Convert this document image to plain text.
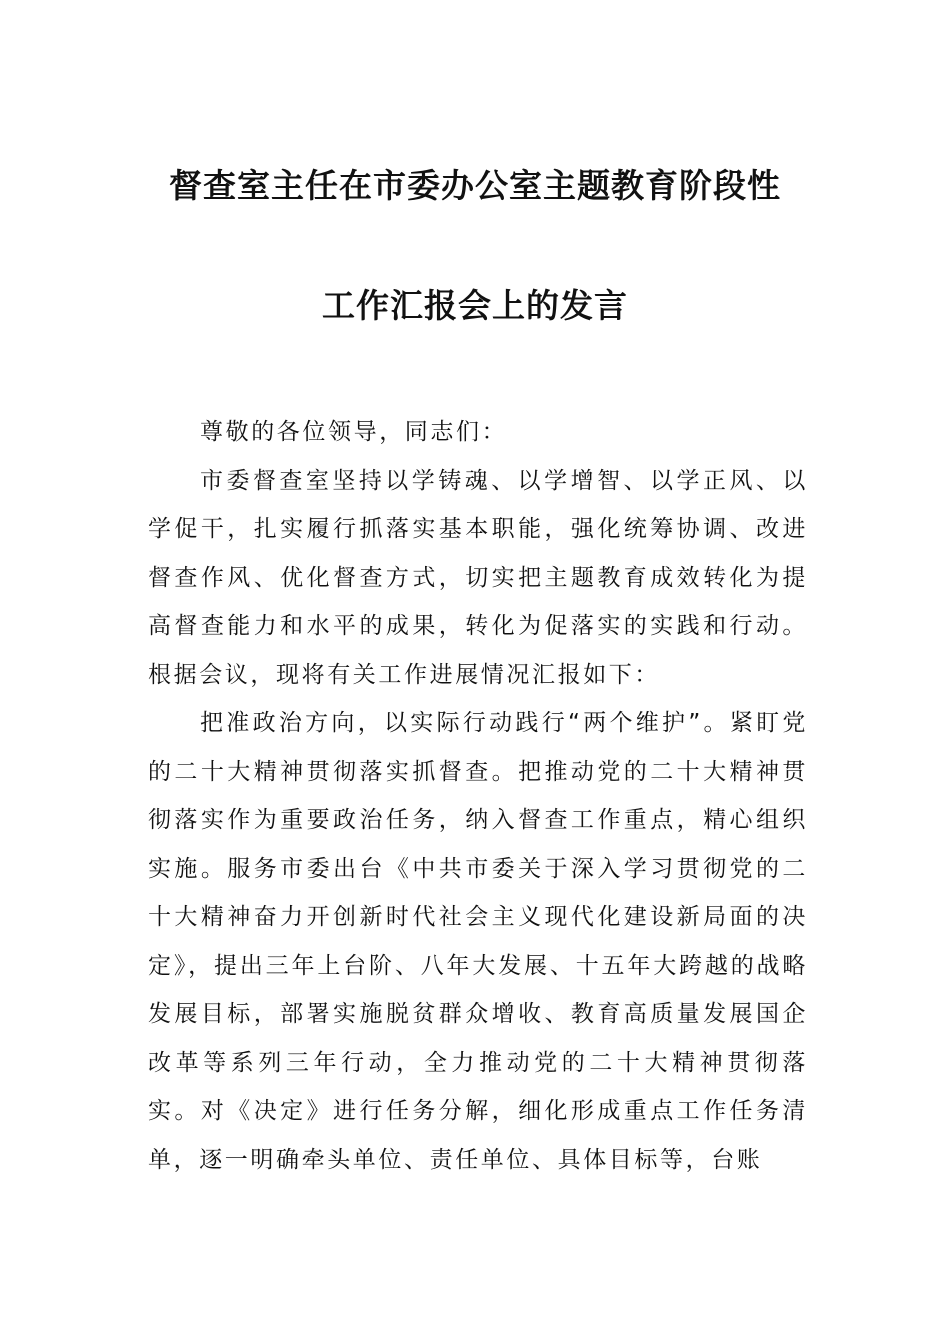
督查室主任在市委办公室主题教育阶段性
工作汇报会上的发言

尊敬的各位领导，同志们：

市委督查室坚持以学铸魂、以学增智、以学正风、以学促干，扎实履行抓落实基本职能，强化统筹协调、改进督查作风、优化督查方式，切实把主题教育成效转化为提高督查能力和水平的成果，转化为促落实的实践和行动。根据会议，现将有关工作进展情况汇报如下：

把准政治方向，以实际行动践行“两个维护”。紧盯党的二十大精神贯彻落实抓督查。把推动党的二十大精神贯彻落实作为重要政治任务，纳入督查工作重点，精心组织实施。服务市委出台《中共市委关于深入学习贯彻党的二十大精神奋力开创新时代社会主义现代化建设新局面的决定》，提出三年上台阶、八年大发展、十五年大跨越的战略发展目标，部署实施脱贫群众增收、教育高质量发展国企改革等系列三年行动，全力推动党的二十大精神贯彻落实。对《决定》进行任务分解，细化形成重点工作任务清单，逐一明确牵头单位、责任单位、具体目标等，台账
